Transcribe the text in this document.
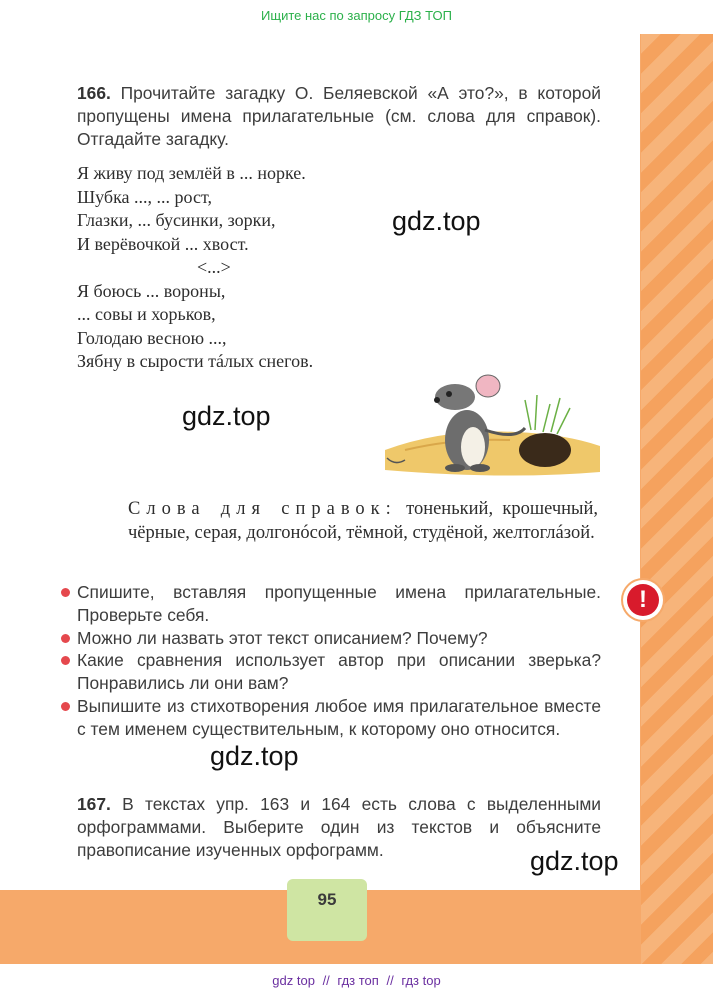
Ищите нас по запросу ГДЗ ТОП
166. Прочитайте загадку О. Беляевской «А это?», в которой пропущены имена прилагательные (см. слова для справок). Отгадайте загадку.
Я живу под землёй в ... норке.
Шубка ..., ... рост,
Глазки, ... бусинки, зорки,
И верёвочкой ... хвост.
<...>
Я боюсь ... вороны,
... совы и хорьков,
Голодаю весною ...,
Зябну в сырости тáлых снегов.
gdz.top
gdz.top
Слова для справок: тоненький, крошечный, чёрные, серая, долгонóсой, тёмной, студёной, желтоглáзой.
Спишите, вставляя пропущенные имена прилагательные. Проверьте себя.
Можно ли назвать этот текст описанием? Почему?
Какие сравнения использует автор при описании зверька? Понравились ли они вам?
Выпишите из стихотворения любое имя прилагательное вместе с тем именем существительным, к которому оно относится.
!
gdz.top
167. В текстах упр. 163 и 164 есть слова с выделенными орфограммами. Выберите один из текстов и объясните правописание изученных орфограмм.	gdz.top
95
gdz top // гдз топ // гдз top
